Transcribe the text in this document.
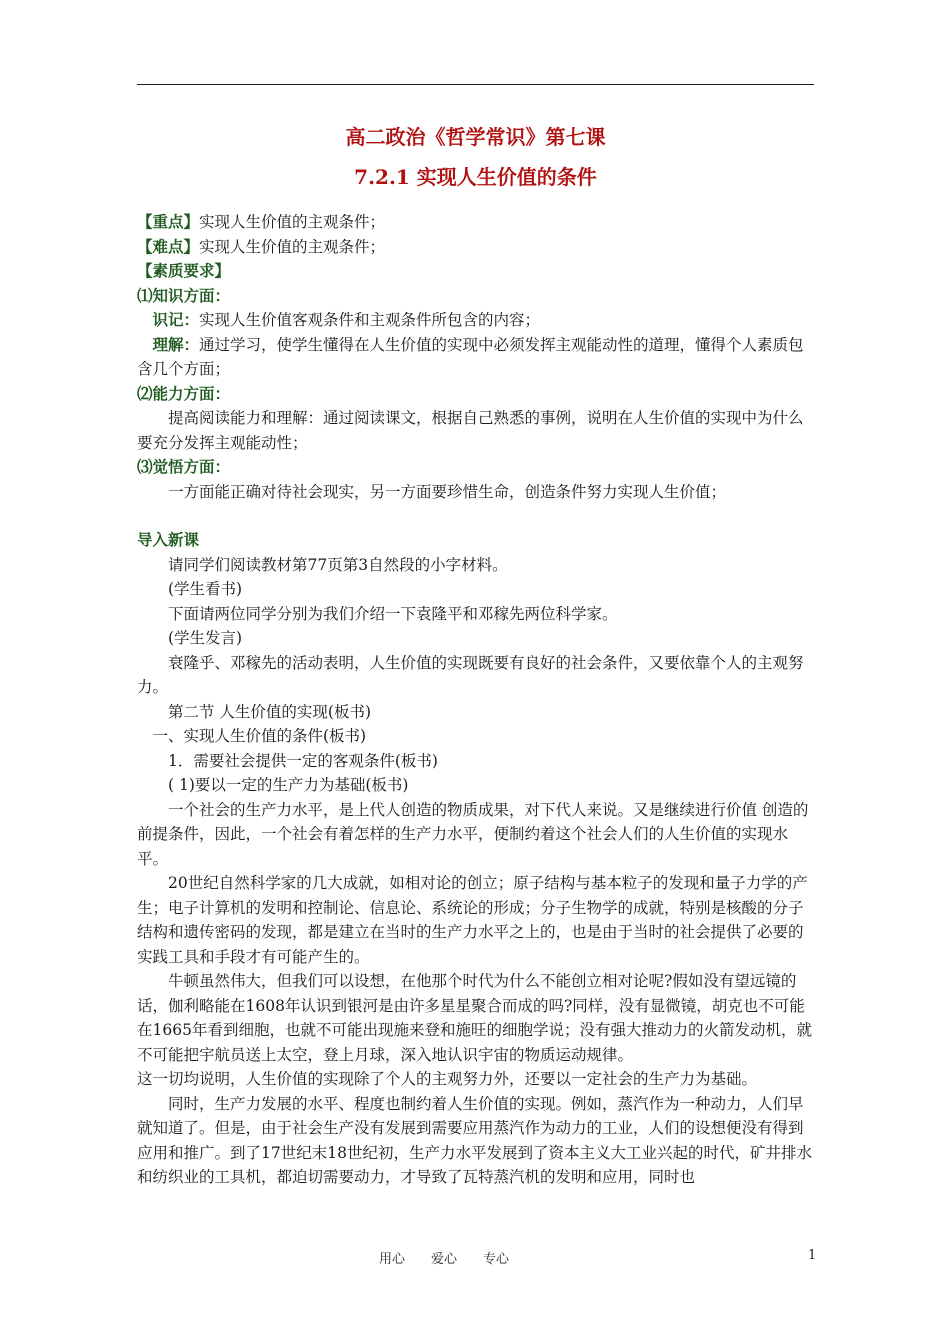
高二政治《哲学常识》第七课

7.2.1 实现人生价值的条件

【重点】实现人生价值的主观条件；

【难点】实现人生价值的主观条件；

【素质要求】

⑴知识方面：

识记：实现人生价值客观条件和主观条件所包含的内容；

理解：通过学习，使学生懂得在人生价值的实现中必须发挥主观能动性的道理，懂得个人素质包含几个方面；

⑵能力方面：

提高阅读能力和理解：通过阅读课文，根据自己熟悉的事例，说明在人生价值的实现中为什么要充分发挥主观能动性；

⑶觉悟方面：

一方面能正确对待社会现实，另一方面要珍惜生命，创造条件努力实现人生价值；

导入新课

请同学们阅读教材第77页第3自然段的小字材料。

(学生看书)

下面请两位同学分别为我们介绍一下袁隆平和邓稼先两位科学家。

(学生发言)

衰隆乎、邓稼先的活动表明，人生价值的实现既要有良好的社会条件，又要依靠个人的主观努力。

第二节 人生价值的实现(板书)

一、实现人生价值的条件(板书)

1．需要社会提供一定的客观条件(板书)

( 1)要以一定的生产力为基础(板书)

一个社会的生产力水平，是上代人创造的物质成果，对下代人来说。又是继续进行价值 创造的前提条件，因此，一个社会有着怎样的生产力水平，便制约着这个社会人们的人生价值的实现水平。

20世纪自然科学家的几大成就，如相对论的创立；原子结构与基本粒子的发现和量子力学的产生；电子计算机的发明和控制论、信息论、系统论的形成；分子生物学的成就，特别是核酸的分子结构和遗传密码的发现，都是建立在当时的生产力水平之上的，也是由于当时的社会提供了必要的实践工具和手段才有可能产生的。

牛顿虽然伟大，但我们可以设想，在他那个时代为什么不能创立相对论呢?假如没有望远镜的话，伽利略能在1608年认识到银河是由许多星星聚合而成的吗?同样，没有显微镜，胡克也不可能在1665年看到细胞，也就不可能出现施来登和施旺的细胞学说；没有强大推动力的火箭发动机，就不可能把宇航员送上太空，登上月球，深入地认识宇宙的物质运动规律。

这一切均说明，人生价值的实现除了个人的主观努力外，还要以一定社会的生产力为基础。

同时，生产力发展的水平、程度也制约着人生价值的实现。例如，蒸汽作为一种动力，人们早就知道了。但是，由于社会生产没有发展到需要应用蒸汽作为动力的工业，人们的设想便没有得到应用和推广。到了17世纪末18世纪初，生产力水平发展到了资本主义大工业兴起的时代，矿井排水和纺织业的工具机，都迫切需要动力，才导致了瓦特蒸汽机的发明和应用，同时也

用心 爱心 专心	1
